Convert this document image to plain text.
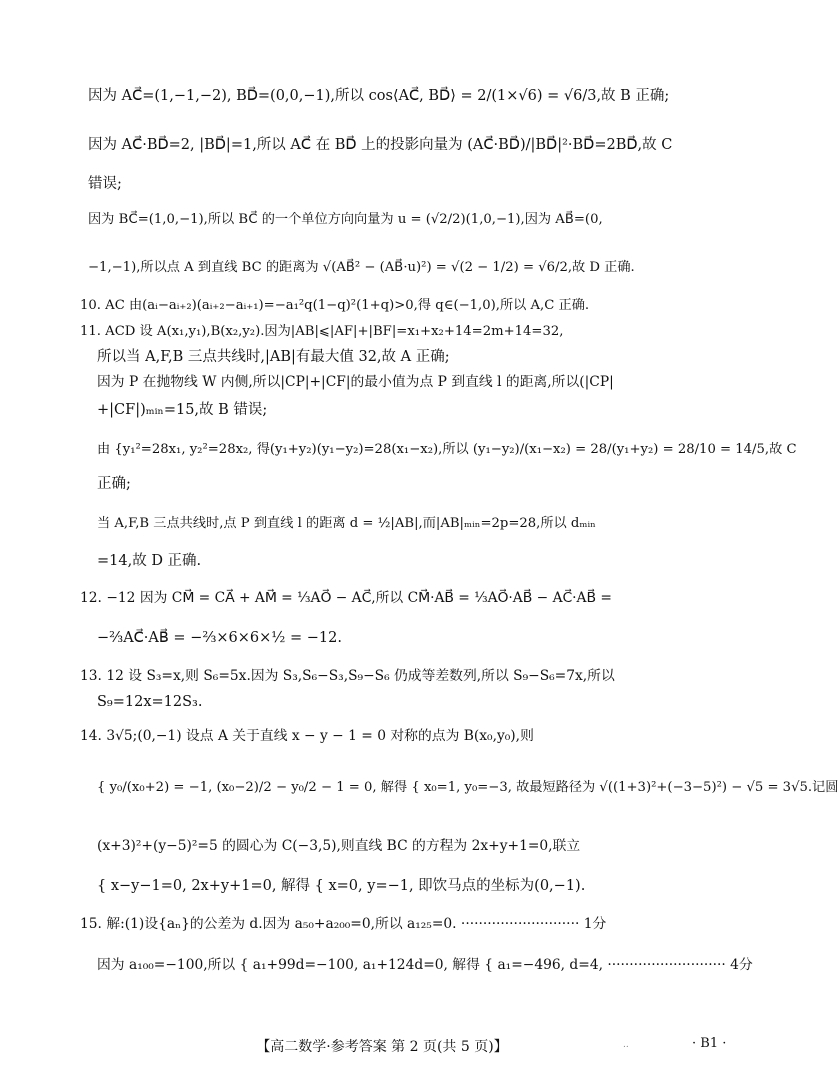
因为 AC⃗=(1,−1,−2), BD⃗=(0,0,−1),所以 cos⟨AC⃗, BD⃗⟩ = 2/(1×√6) = √6/3,故 B 正确;
因为 AC⃗·BD⃗=2, |BD⃗|=1,所以 AC⃗ 在 BD⃗ 上的投影向量为 (AC⃗·BD⃗)/|BD⃗|²·BD⃗=2BD⃗,故 C
错误;
因为 BC⃗=(1,0,−1),所以 BC⃗ 的一个单位方向向量为 u = (√2/2)(1,0,−1),因为 AB⃗=(0,
−1,−1),所以点 A 到直线 BC 的距离为 √(AB⃗² − (AB⃗·u)²) = √(2 − 1/2) = √6/2,故 D 正确.
10. AC 由(aᵢ−aᵢ₊₂)(aᵢ₊₂−aᵢ₊₁)=−a₁²q(1−q)²(1+q)>0,得 q∈(−1,0),所以 A,C 正确.
11. ACD 设 A(x₁,y₁),B(x₂,y₂).因为|AB|⩽|AF|+|BF|=x₁+x₂+14=2m+14=32,
所以当 A,F,B 三点共线时,|AB|有最大值 32,故 A 正确;
因为 P 在抛物线 W 内侧,所以|CP|+|CF|的最小值为点 P 到直线 l 的距离,所以(|CP|
+|CF|)ₘᵢₙ=15,故 B 错误;
由 {y₁²=28x₁, y₂²=28x₂, 得(y₁+y₂)(y₁−y₂)=28(x₁−x₂),所以 (y₁−y₂)/(x₁−x₂) = 28/(y₁+y₂) = 28/10 = 14/5,故 C
正确;
当 A,F,B 三点共线时,点 P 到直线 l 的距离 d = ½|AB|,而|AB|ₘᵢₙ=2p=28,所以 dₘᵢₙ
=14,故 D 正确.
12. −12 因为 CM⃗ = CA⃗ + AM⃗ = ⅓AO⃗ − AC⃗,所以 CM⃗·AB⃗ = ⅓AO⃗·AB⃗ − AC⃗·AB⃗ =
−⅔AC⃗·AB⃗ = −⅔×6×6×½ = −12.
13. 12 设 S₃=x,则 S₆=5x.因为 S₃,S₆−S₃,S₉−S₆ 仍成等差数列,所以 S₉−S₆=7x,所以
S₉=12x=12S₃.
14. 3√5;(0,−1) 设点 A 关于直线 x − y − 1 = 0 对称的点为 B(x₀,y₀),则
{ y₀/(x₀+2) = −1, (x₀−2)/2 − y₀/2 − 1 = 0, 解得 { x₀=1, y₀=−3, 故最短路径为 √((1+3)²+(−3−5)²) − √5 = 3√5.记圆
(x+3)²+(y−5)²=5 的圆心为 C(−3,5),则直线 BC 的方程为 2x+y+1=0,联立
{ x−y−1=0, 2x+y+1=0, 解得 { x=0, y=−1, 即饮马点的坐标为(0,−1).
15. 解:(1)设{aₙ}的公差为 d.因为 a₅₀+a₂₀₀=0,所以 a₁₂₅=0. ··························· 1分
因为 a₁₀₀=−100,所以 { a₁+99d=−100, a₁+124d=0, 解得 { a₁=−496, d=4, ··························· 4分
【高二数学·参考答案 第 2 页(共 5 页)】	..	· B1 ·
